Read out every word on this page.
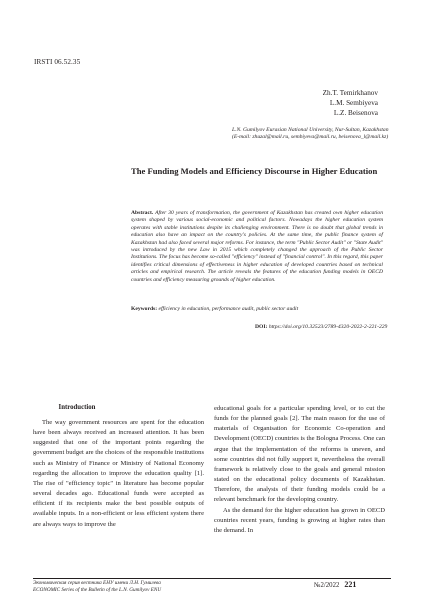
IRSTI 06.52.35
Zh.T. Temirkhanov
L.M. Sembiyeva
L.Z. Beisenova
L.N. Gumilyov Eurasian National University, Nur-Sultan, Kazakhstan
(E-mail: zhuzal@mail.ru, sembiyeva@mail.ru, beisenova_l@mail.kz)
The Funding Models and Efficiency Discourse in Higher Education
Abstract. After 30 years of transformation, the government of Kazakhstan has created own higher education system shaped by various social-economic and political factors. Nowadays the higher education system operates with stable institutions despite its challenging environment. There is no doubt that global trends in education also have an impact on the country's policies. At the same time, the public finance system of Kazakhstan had also faced several major reforms. For instance, the term "Public Sector Audit" or "State Audit" was introduced by the new Law in 2015 which completely changed the approach of the Public Sector Institutions. The focus has become so-called "efficiency" instead of "financial control". In this regard, this paper identifies critical dimensions of effectiveness in higher education of developed countries based on technical articles and empirical research. The article reveals the features of the education funding models in OECD countries and efficiency measuring grounds of higher education.
Keywords: efficiency in education, performance audit, public sector audit
DOI: https://doi.org/10.32523/2789-4320-2022-2-221-229
Introduction

The way government resources are spent for the education have been always received an increased attention. It has been suggested that one of the important points regarding the government budget are the choices of the responsible institutions such as Ministry of Finance or Ministry of National Economy regarding the allocation to improve the education quality [1]. The rise of "efficiency topic" in literature has become popular several decades ago. Educational funds were accepted as efficient if its recipients make the best possible outputs of available inputs. In a non-efficient or less efficient system there are always ways to improve the

educational goals for a particular spending level, or to cut the funds for the planned goals [2]. The main reason for the use of materials of Organisation for Economic Co-operation and Development (OECD) countries is the Bologna Process. One can argue that the implementation of the reforms is uneven, and some countries did not fully support it, nevertheless the overall framework is relatively close to the goals and general mission stated on the educational policy documents of Kazakhstan. Therefore, the analysis of their funding models could be a relevant benchmark for the developing country.

As the demand for the higher education has grown in OECD countries recent years, funding is growing at higher rates than the demand. In

Экономическая серия вестника ЕНУ имени Л.Н. Гумилева
ECONOMIC Series of the Bulletin of the L.N. Gumilyov ENU
№2/2022 221
